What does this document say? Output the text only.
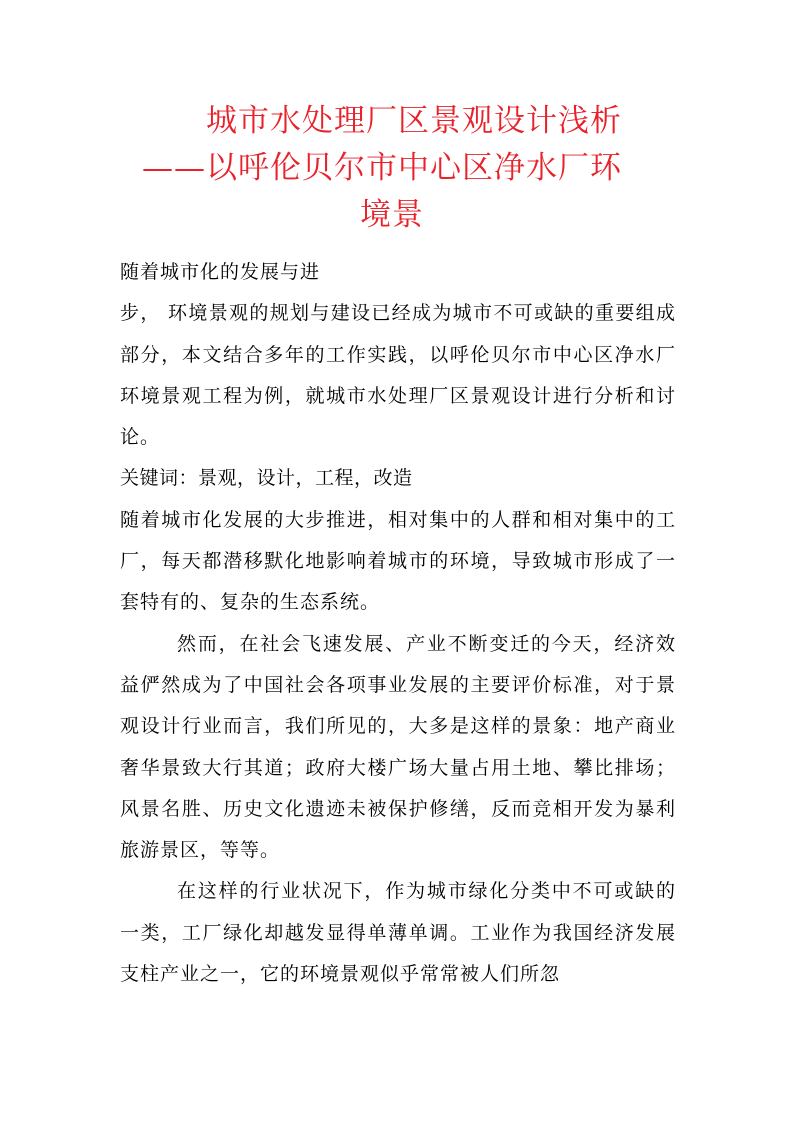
城市水处理厂区景观设计浅析
——以呼伦贝尔市中心区净水厂环
境景
随着城市化的发展与进
步， 环境景观的规划与建设已经成为城市不可或缺的重要组成部分，本文结合多年的工作实践，以呼伦贝尔市中心区净水厂环境景观工程为例，就城市水处理厂区景观设计进行分析和讨论。
关键词：景观，设计，工程，改造
随着城市化发展的大步推进，相对集中的人群和相对集中的工厂，每天都潜移默化地影响着城市的环境，导致城市形成了一套特有的、复杂的生态系统。
然而，在社会飞速发展、产业不断变迁的今天，经济效益俨然成为了中国社会各项事业发展的主要评价标准，对于景观设计行业而言，我们所见的，大多是这样的景象：地产商业奢华景致大行其道；政府大楼广场大量占用土地、攀比排场；风景名胜、历史文化遗迹未被保护修缮，反而竞相开发为暴利旅游景区，等等。
在这样的行业状况下，作为城市绿化分类中不可或缺的一类，工厂绿化却越发显得单薄单调。工业作为我国经济发展支柱产业之一，它的环境景观似乎常常被人们所忽
